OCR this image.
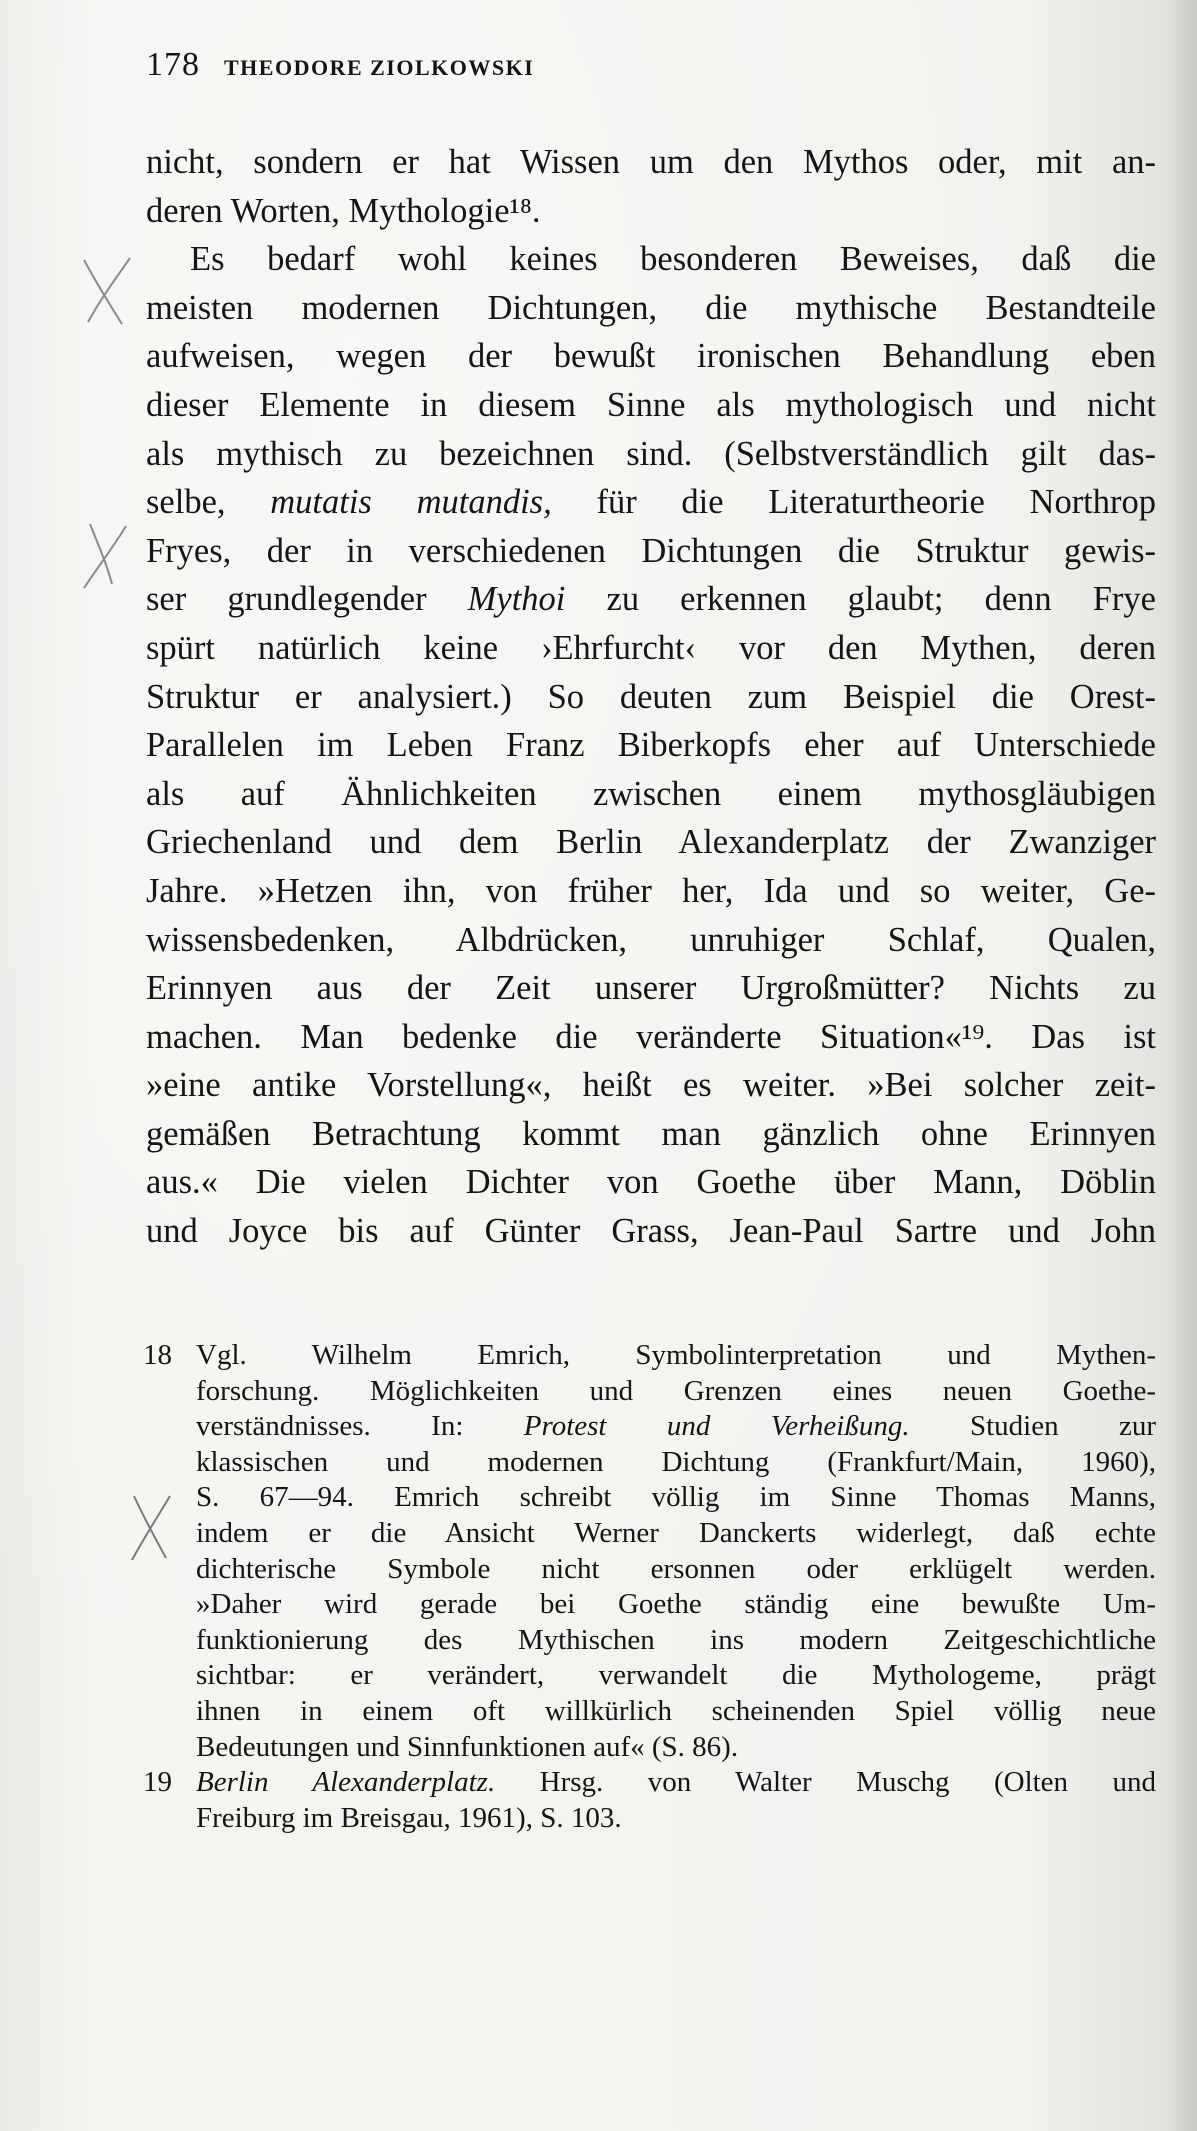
178 THEODORE ZIOLKOWSKI
nicht, sondern er hat Wissen um den Mythos oder, mit an-
deren Worten, Mythologie¹⁸.
Es bedarf wohl keines besonderen Beweises, daß die
meisten modernen Dichtungen, die mythische Bestandteile
aufweisen, wegen der bewußt ironischen Behandlung eben
dieser Elemente in diesem Sinne als mythologisch und nicht
als mythisch zu bezeichnen sind. (Selbstverständlich gilt das-
selbe, mutatis mutandis, für die Literaturtheorie Northrop
Fryes, der in verschiedenen Dichtungen die Struktur gewis-
ser grundlegender Mythoi zu erkennen glaubt; denn Frye
spürt natürlich keine ›Ehrfurcht‹ vor den Mythen, deren
Struktur er analysiert.) So deuten zum Beispiel die Orest-
Parallelen im Leben Franz Biberkopfs eher auf Unterschiede
als auf Ähnlichkeiten zwischen einem mythosgläubigen
Griechenland und dem Berlin Alexanderplatz der Zwanziger
Jahre. »Hetzen ihn, von früher her, Ida und so weiter, Ge-
wissensbedenken, Albdrücken, unruhiger Schlaf, Qualen,
Erinnyen aus der Zeit unserer Urgroßmütter? Nichts zu
machen. Man bedenke die veränderte Situation«¹⁹. Das ist
»eine antike Vorstellung«, heißt es weiter. »Bei solcher zeit-
gemäßen Betrachtung kommt man gänzlich ohne Erinnyen
aus.« Die vielen Dichter von Goethe über Mann, Döblin
und Joyce bis auf Günter Grass, Jean-Paul Sartre und John
18 Vgl. Wilhelm Emrich, Symbolinterpretation und Mythen-
forschung. Möglichkeiten und Grenzen eines neuen Goethe-
verständnisses. In: Protest und Verheißung. Studien zur
klassischen und modernen Dichtung (Frankfurt/Main, 1960),
S. 67—94. Emrich schreibt völlig im Sinne Thomas Manns,
indem er die Ansicht Werner Danckerts widerlegt, daß echte
dichterische Symbole nicht ersonnen oder erklügelt werden.
»Daher wird gerade bei Goethe ständig eine bewußte Um-
funktionierung des Mythischen ins modern Zeitgeschichtliche
sichtbar: er verändert, verwandelt die Mythologeme, prägt
ihnen in einem oft willkürlich scheinenden Spiel völlig neue
Bedeutungen und Sinnfunktionen auf« (S. 86).
19 Berlin Alexanderplatz. Hrsg. von Walter Muschg (Olten und
Freiburg im Breisgau, 1961), S. 103.
